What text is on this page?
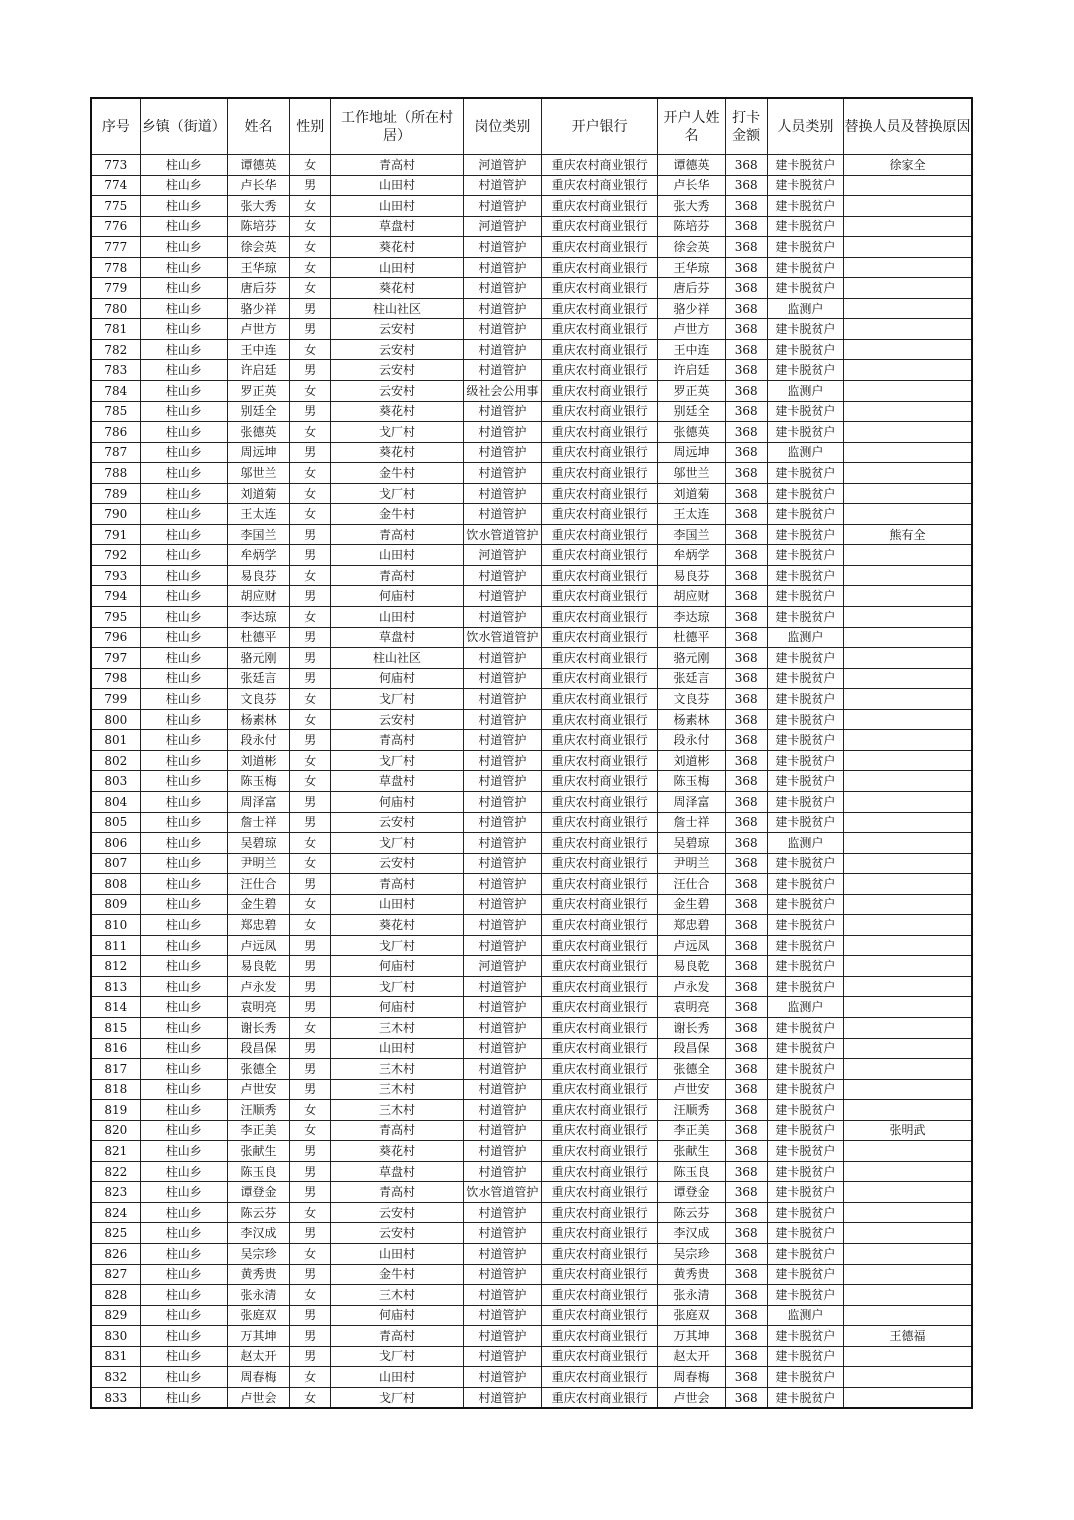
序号	乡镇（街道）	姓名	性别	工作地址（所在村居）	岗位类别	开户银行	开户人姓名	打卡金额	人员类别	替换人员及替换原因
773	柱山乡	谭德英	女	青高村	河道管护	重庆农村商业银行	谭德英	368	建卡脱贫户	徐家全
774	柱山乡	卢长华	男	山田村	村道管护	重庆农村商业银行	卢长华	368	建卡脱贫户	
775	柱山乡	张大秀	女	山田村	村道管护	重庆农村商业银行	张大秀	368	建卡脱贫户	
776	柱山乡	陈培芬	女	草盘村	河道管护	重庆农村商业银行	陈培芬	368	建卡脱贫户	
777	柱山乡	徐会英	女	葵花村	村道管护	重庆农村商业银行	徐会英	368	建卡脱贫户	
778	柱山乡	王华琼	女	山田村	村道管护	重庆农村商业银行	王华琼	368	建卡脱贫户	
779	柱山乡	唐后芬	女	葵花村	村道管护	重庆农村商业银行	唐后芬	368	建卡脱贫户	
780	柱山乡	骆少祥	男	柱山社区	村道管护	重庆农村商业银行	骆少祥	368	监测户	
781	柱山乡	卢世方	男	云安村	村道管护	重庆农村商业银行	卢世方	368	建卡脱贫户	
782	柱山乡	王中连	女	云安村	村道管护	重庆农村商业银行	王中连	368	建卡脱贫户	
783	柱山乡	许启廷	男	云安村	村道管护	重庆农村商业银行	许启廷	368	建卡脱贫户	
784	柱山乡	罗正英	女	云安村	级社会公用事	重庆农村商业银行	罗正英	368	监测户	
785	柱山乡	别廷全	男	葵花村	村道管护	重庆农村商业银行	别廷全	368	建卡脱贫户	
786	柱山乡	张德英	女	戈厂村	村道管护	重庆农村商业银行	张德英	368	建卡脱贫户	
787	柱山乡	周远坤	男	葵花村	村道管护	重庆农村商业银行	周远坤	368	监测户	
788	柱山乡	邬世兰	女	金牛村	村道管护	重庆农村商业银行	邬世兰	368	建卡脱贫户	
789	柱山乡	刘道菊	女	戈厂村	村道管护	重庆农村商业银行	刘道菊	368	建卡脱贫户	
790	柱山乡	王太连	女	金牛村	村道管护	重庆农村商业银行	王太连	368	建卡脱贫户	
791	柱山乡	李国兰	男	青高村	饮水管道管护	重庆农村商业银行	李国兰	368	建卡脱贫户	熊有全
792	柱山乡	牟炳学	男	山田村	河道管护	重庆农村商业银行	牟炳学	368	建卡脱贫户	
793	柱山乡	易良芬	女	青高村	村道管护	重庆农村商业银行	易良芬	368	建卡脱贫户	
794	柱山乡	胡应财	男	何庙村	村道管护	重庆农村商业银行	胡应财	368	建卡脱贫户	
795	柱山乡	李达琼	女	山田村	村道管护	重庆农村商业银行	李达琼	368	建卡脱贫户	
796	柱山乡	杜德平	男	草盘村	饮水管道管护	重庆农村商业银行	杜德平	368	监测户	
797	柱山乡	骆元刚	男	柱山社区	村道管护	重庆农村商业银行	骆元刚	368	建卡脱贫户	
798	柱山乡	张廷言	男	何庙村	村道管护	重庆农村商业银行	张廷言	368	建卡脱贫户	
799	柱山乡	文良芬	女	戈厂村	村道管护	重庆农村商业银行	文良芬	368	建卡脱贫户	
800	柱山乡	杨素林	女	云安村	村道管护	重庆农村商业银行	杨素林	368	建卡脱贫户	
801	柱山乡	段永付	男	青高村	村道管护	重庆农村商业银行	段永付	368	建卡脱贫户	
802	柱山乡	刘道彬	女	戈厂村	村道管护	重庆农村商业银行	刘道彬	368	建卡脱贫户	
803	柱山乡	陈玉梅	女	草盘村	村道管护	重庆农村商业银行	陈玉梅	368	建卡脱贫户	
804	柱山乡	周泽富	男	何庙村	村道管护	重庆农村商业银行	周泽富	368	建卡脱贫户	
805	柱山乡	詹士祥	男	云安村	村道管护	重庆农村商业银行	詹士祥	368	建卡脱贫户	
806	柱山乡	吴碧琼	女	戈厂村	村道管护	重庆农村商业银行	吴碧琼	368	监测户	
807	柱山乡	尹明兰	女	云安村	村道管护	重庆农村商业银行	尹明兰	368	建卡脱贫户	
808	柱山乡	汪仕合	男	青高村	村道管护	重庆农村商业银行	汪仕合	368	建卡脱贫户	
809	柱山乡	金生碧	女	山田村	村道管护	重庆农村商业银行	金生碧	368	建卡脱贫户	
810	柱山乡	郑忠碧	女	葵花村	村道管护	重庆农村商业银行	郑忠碧	368	建卡脱贫户	
811	柱山乡	卢远凤	男	戈厂村	村道管护	重庆农村商业银行	卢远凤	368	建卡脱贫户	
812	柱山乡	易良乾	男	何庙村	河道管护	重庆农村商业银行	易良乾	368	建卡脱贫户	
813	柱山乡	卢永发	男	戈厂村	村道管护	重庆农村商业银行	卢永发	368	建卡脱贫户	
814	柱山乡	袁明亮	男	何庙村	村道管护	重庆农村商业银行	袁明亮	368	监测户	
815	柱山乡	谢长秀	女	三木村	村道管护	重庆农村商业银行	谢长秀	368	建卡脱贫户	
816	柱山乡	段昌保	男	山田村	村道管护	重庆农村商业银行	段昌保	368	建卡脱贫户	
817	柱山乡	张德全	男	三木村	村道管护	重庆农村商业银行	张德全	368	建卡脱贫户	
818	柱山乡	卢世安	男	三木村	村道管护	重庆农村商业银行	卢世安	368	建卡脱贫户	
819	柱山乡	汪顺秀	女	三木村	村道管护	重庆农村商业银行	汪顺秀	368	建卡脱贫户	
820	柱山乡	李正美	女	青高村	村道管护	重庆农村商业银行	李正美	368	建卡脱贫户	张明武
821	柱山乡	张献生	男	葵花村	村道管护	重庆农村商业银行	张献生	368	建卡脱贫户	
822	柱山乡	陈玉良	男	草盘村	村道管护	重庆农村商业银行	陈玉良	368	建卡脱贫户	
823	柱山乡	谭登金	男	青高村	饮水管道管护	重庆农村商业银行	谭登金	368	建卡脱贫户	
824	柱山乡	陈云芬	女	云安村	村道管护	重庆农村商业银行	陈云芬	368	建卡脱贫户	
825	柱山乡	李汉成	男	云安村	村道管护	重庆农村商业银行	李汉成	368	建卡脱贫户	
826	柱山乡	吴宗珍	女	山田村	村道管护	重庆农村商业银行	吴宗珍	368	建卡脱贫户	
827	柱山乡	黄秀贵	男	金牛村	村道管护	重庆农村商业银行	黄秀贵	368	建卡脱贫户	
828	柱山乡	张永清	女	三木村	村道管护	重庆农村商业银行	张永清	368	建卡脱贫户	
829	柱山乡	张庭双	男	何庙村	村道管护	重庆农村商业银行	张庭双	368	监测户	
830	柱山乡	万其坤	男	青高村	村道管护	重庆农村商业银行	万其坤	368	建卡脱贫户	王德福
831	柱山乡	赵太开	男	戈厂村	村道管护	重庆农村商业银行	赵太开	368	建卡脱贫户	
832	柱山乡	周春梅	女	山田村	村道管护	重庆农村商业银行	周春梅	368	建卡脱贫户	
833	柱山乡	卢世会	女	戈厂村	村道管护	重庆农村商业银行	卢世会	368	建卡脱贫户	
